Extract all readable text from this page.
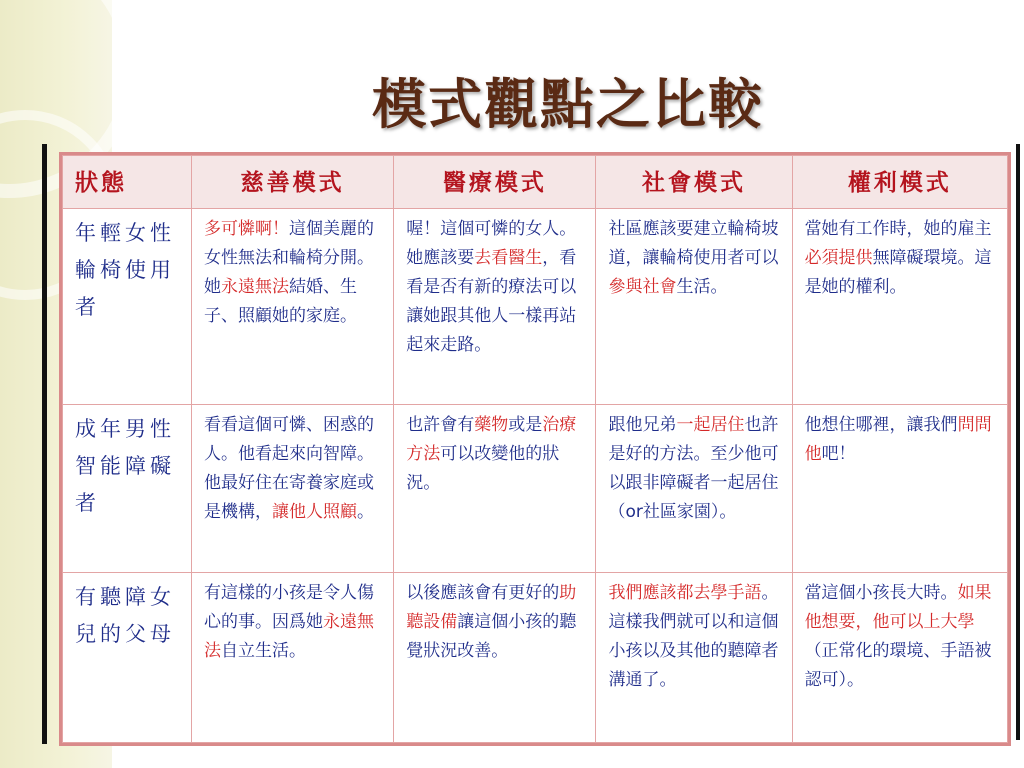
模式觀點之比較
狀態	慈善模式	醫療模式	社會模式	權利模式
年輕女性輪椅使用者	多可憐啊！這個美麗的女性無法和輪椅分開。她永遠無法結婚、生子、照顧她的家庭。	喔！這個可憐的女人。她應該要去看醫生，看看是否有新的療法可以讓她跟其他人一樣再站起來走路。	社區應該要建立輪椅坡道，讓輪椅使用者可以參與社會生活。	當她有工作時，她的雇主必須提供無障礙環境。這是她的權利。
成年男性智能障礙者	看看這個可憐、困惑的人。他看起來向智障。他最好住在寄養家庭或是機構，讓他人照顧。	也許會有藥物或是治療方法可以改變他的狀況。	跟他兄弟一起居住也許是好的方法。至少他可以跟非障礙者一起居住（or社區家園）。	他想住哪裡，讓我們問問他吧！
有聽障女兒的父母	有這樣的小孩是令人傷心的事。因爲她永遠無法自立生活。	以後應該會有更好的助聽設備讓這個小孩的聽覺狀況改善。	我們應該都去學手語。這樣我們就可以和這個小孩以及其他的聽障者溝通了。	當這個小孩長大時。如果他想要，他可以上大學（正常化的環境、手語被認可）。
